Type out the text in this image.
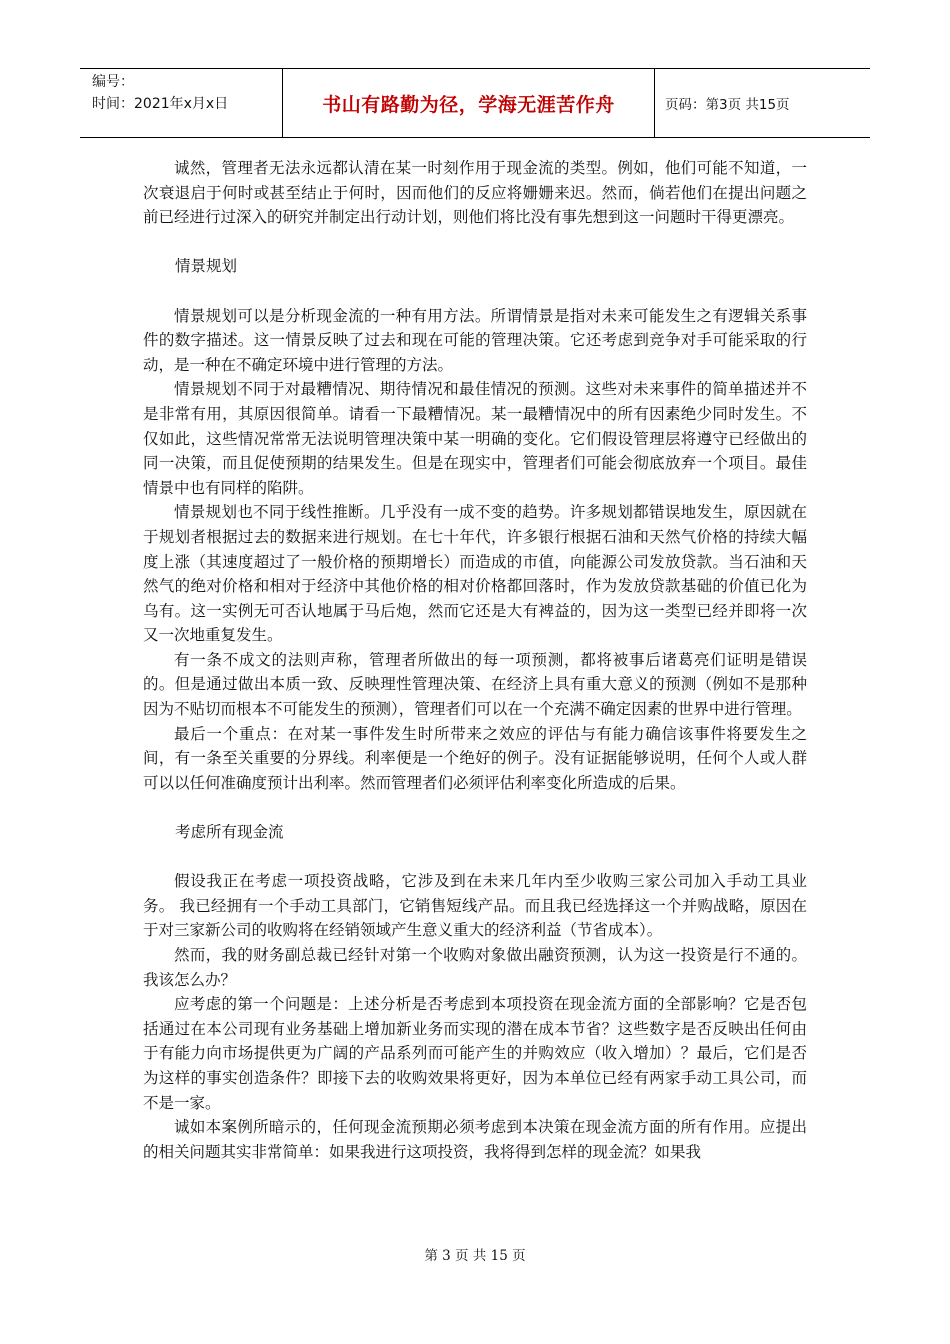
编号：
时间：2021年x月x日	书山有路勤为径，学海无涯苦作舟	页码：第3页 共15页

诚然，管理者无法永远都认清在某一时刻作用于现金流的类型。例如，他们可能不知道，一次衰退启于何时或甚至结止于何时，因而他们的反应将姗姗来迟。然而，倘若他们在提出问题之前已经进行过深入的研究并制定出行动计划，则他们将比没有事先想到这一问题时干得更漂亮。

情景规划

情景规划可以是分析现金流的一种有用方法。所谓情景是指对未来可能发生之有逻辑关系事件的数字描述。这一情景反映了过去和现在可能的管理决策。它还考虑到竞争对手可能采取的行动，是一种在不确定环境中进行管理的方法。

情景规划不同于对最糟情况、期待情况和最佳情况的预测。这些对未来事件的简单描述并不是非常有用，其原因很简单。请看一下最糟情况。某一最糟情况中的所有因素绝少同时发生。不仅如此，这些情况常常无法说明管理决策中某一明确的变化。它们假设管理层将遵守已经做出的同一决策，而且促使预期的结果发生。但是在现实中，管理者们可能会彻底放弃一个项目。最佳情景中也有同样的陷阱。

情景规划也不同于线性推断。几乎没有一成不变的趋势。许多规划都错误地发生，原因就在于规划者根据过去的数据来进行规划。在七十年代，许多银行根据石油和天然气价格的持续大幅度上涨（其速度超过了一般价格的预期增长）而造成的市值，向能源公司发放贷款。当石油和天然气的绝对价格和相对于经济中其他价格的相对价格都回落时，作为发放贷款基础的价值已化为乌有。这一实例无可否认地属于马后炮，然而它还是大有裨益的，因为这一类型已经并即将一次又一次地重复发生。

有一条不成文的法则声称，管理者所做出的每一项预测，都将被事后诸葛亮们证明是错误的。但是通过做出本质一致、反映理性管理决策、在经济上具有重大意义的预测（例如不是那种因为不贴切而根本不可能发生的预测），管理者们可以在一个充满不确定因素的世界中进行管理。

最后一个重点：在对某一事件发生时所带来之效应的评估与有能力确信该事件将要发生之间，有一条至关重要的分界线。利率便是一个绝好的例子。没有证据能够说明，任何个人或人群可以以任何准确度预计出利率。然而管理者们必须评估利率变化所造成的后果。

考虑所有现金流

假设我正在考虑一项投资战略，它涉及到在未来几年内至少收购三家公司加入手动工具业务。 我已经拥有一个手动工具部门，它销售短线产品。而且我已经选择这一个并购战略，原因在于对三家新公司的收购将在经销领域产生意义重大的经济利益（节省成本）。

然而，我的财务副总裁已经针对第一个收购对象做出融资预测，认为这一投资是行不通的。我该怎么办？

应考虑的第一个问题是：上述分析是否考虑到本项投资在现金流方面的全部影响？它是否包括通过在本公司现有业务基础上增加新业务而实现的潜在成本节省？这些数字是否反映出任何由于有能力向市场提供更为广阔的产品系列而可能产生的并购效应（收入增加）？最后，它们是否为这样的事实创造条件？即接下去的收购效果将更好，因为本单位已经有两家手动工具公司，而不是一家。

诚如本案例所暗示的，任何现金流预期必须考虑到本决策在现金流方面的所有作用。应提出的相关问题其实非常简单：如果我进行这项投资，我将得到怎样的现金流？如果我

第 3 页 共 15 页
